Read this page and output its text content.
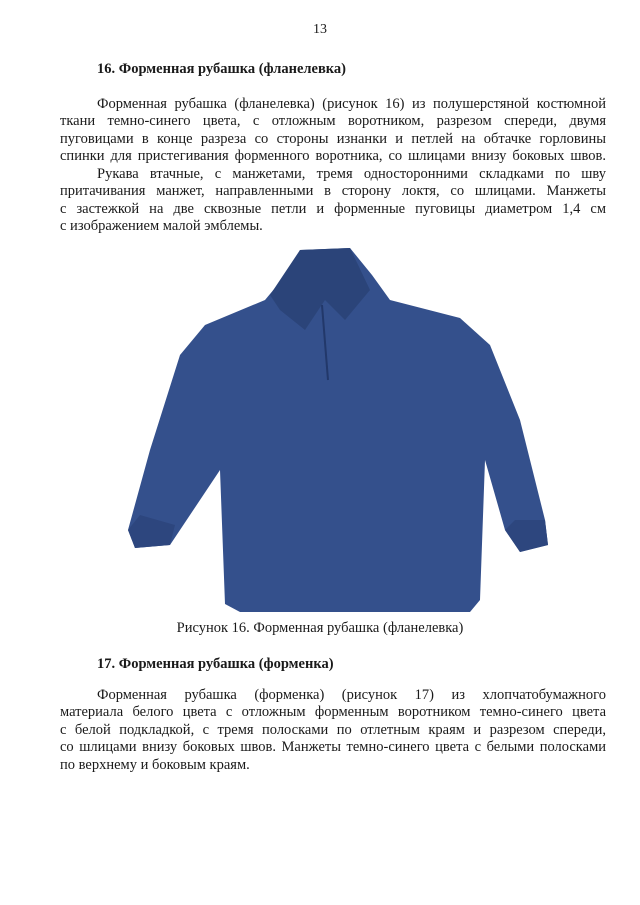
13
16. Форменная рубашка (фланелевка)
Форменная рубашка (фланелевка) (рисунок 16) из полушерстяной костюмной
ткани темно-синего цвета, с отложным воротником, разрезом спереди, двумя
пуговицами в конце разреза со стороны изнанки и петлей на обтачке горловины
спинки для пристегивания форменного воротника, со шлицами внизу боковых швов.
Рукава втачные, с манжетами, тремя односторонними складками по шву
притачивания манжет, направленными в сторону локтя, со шлицами. Манжеты
с застежкой на две сквозные петли и форменные пуговицы диаметром 1,4 см
с изображением малой эмблемы.
Рисунок 16. Форменная рубашка (фланелевка)
17. Форменная рубашка (форменка)
Форменная рубашка (форменка) (рисунок 17) из хлопчатобумажного
материала белого цвета с отложным форменным воротником темно-синего цвета
с белой подкладкой, с тремя полосками по отлетным краям и разрезом спереди,
со шлицами внизу боковых швов. Манжеты темно-синего цвета с белыми полосками
по верхнему и боковым краям.
